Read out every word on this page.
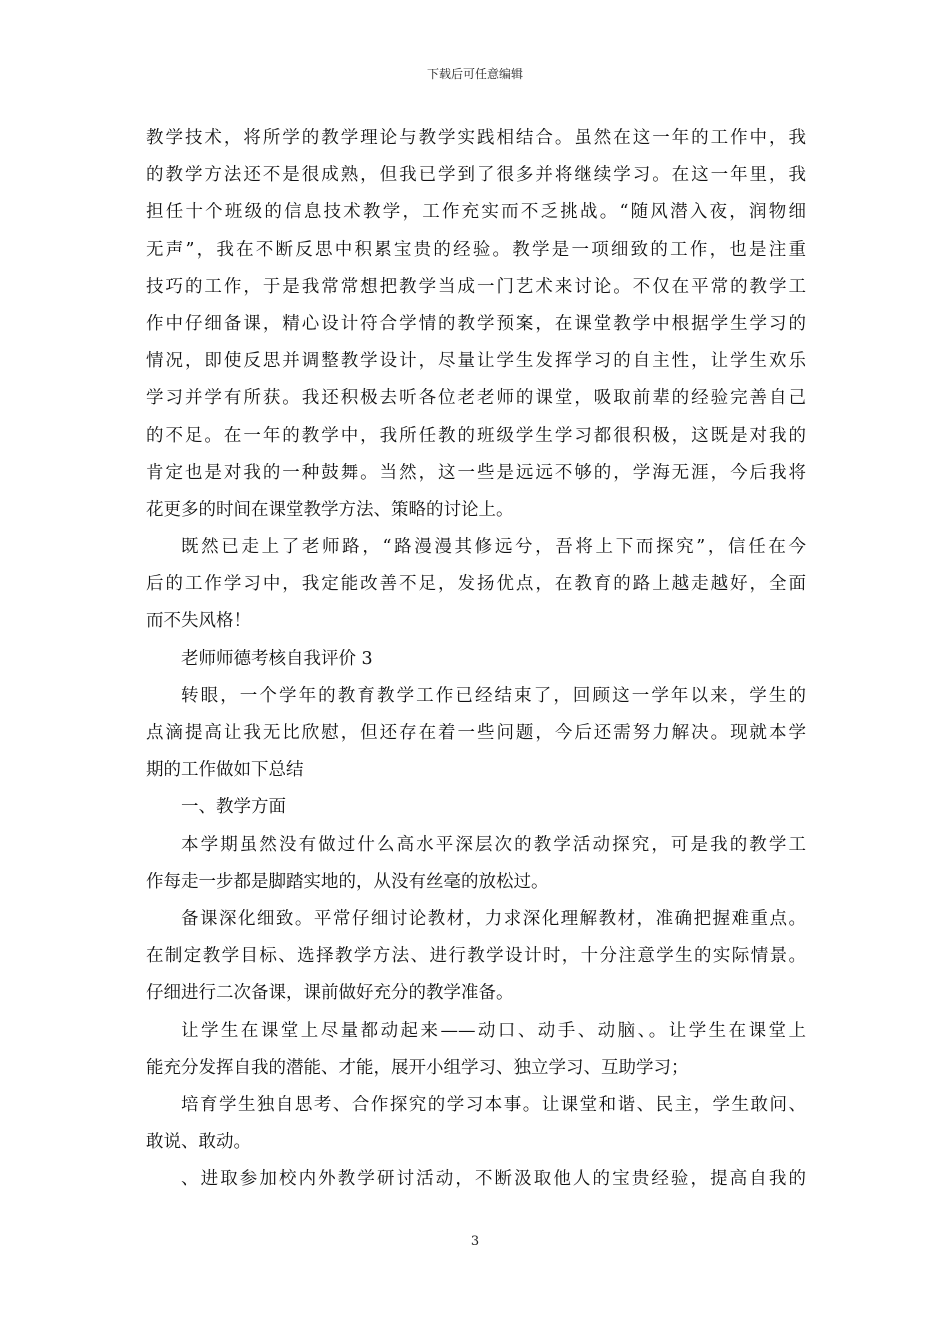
下载后可任意编辑
教学技术，将所学的教学理论与教学实践相结合。虽然在这一年的工作中，我
的教学方法还不是很成熟，但我已学到了很多并将继续学习。在这一年里，我
担任十个班级的信息技术教学，工作充实而不乏挑战。“随风潜入夜，润物细
无声”，我在不断反思中积累宝贵的经验。教学是一项细致的工作，也是注重
技巧的工作，于是我常常想把教学当成一门艺术来讨论。不仅在平常的教学工
作中仔细备课，精心设计符合学情的教学预案，在课堂教学中根据学生学习的
情况，即使反思并调整教学设计，尽量让学生发挥学习的自主性，让学生欢乐
学习并学有所获。我还积极去听各位老老师的课堂，吸取前辈的经验完善自己
的不足。在一年的教学中，我所任教的班级学生学习都很积极，这既是对我的
肯定也是对我的一种鼓舞。当然，这一些是远远不够的，学海无涯，今后我将
花更多的时间在课堂教学方法、策略的讨论上。
既然已走上了老师路，“路漫漫其修远兮，吾将上下而探究”，信任在今
后的工作学习中，我定能改善不足，发扬优点，在教育的路上越走越好，全面
而不失风格！
老师师德考核自我评价 3
转眼，一个学年的教育教学工作已经结束了，回顾这一学年以来，学生的
点滴提高让我无比欣慰，但还存在着一些问题，今后还需努力解决。现就本学
期的工作做如下总结
一、教学方面
本学期虽然没有做过什么高水平深层次的教学活动探究，可是我的教学工
作每走一步都是脚踏实地的，从没有丝毫的放松过。
备课深化细致。平常仔细讨论教材，力求深化理解教材，准确把握难重点。
在制定教学目标、选择教学方法、进行教学设计时，十分注意学生的实际情景。
仔细进行二次备课，课前做好充分的教学准备。
让学生在课堂上尽量都动起来——动口、动手、动脑、。让学生在课堂上
能充分发挥自我的潜能、才能，展开小组学习、独立学习、互助学习；
培育学生独自思考、合作探究的学习本事。让课堂和谐、民主，学生敢问、
敢说、敢动。
、进取参加校内外教学研讨活动，不断汲取他人的宝贵经验，提高自我的
3
